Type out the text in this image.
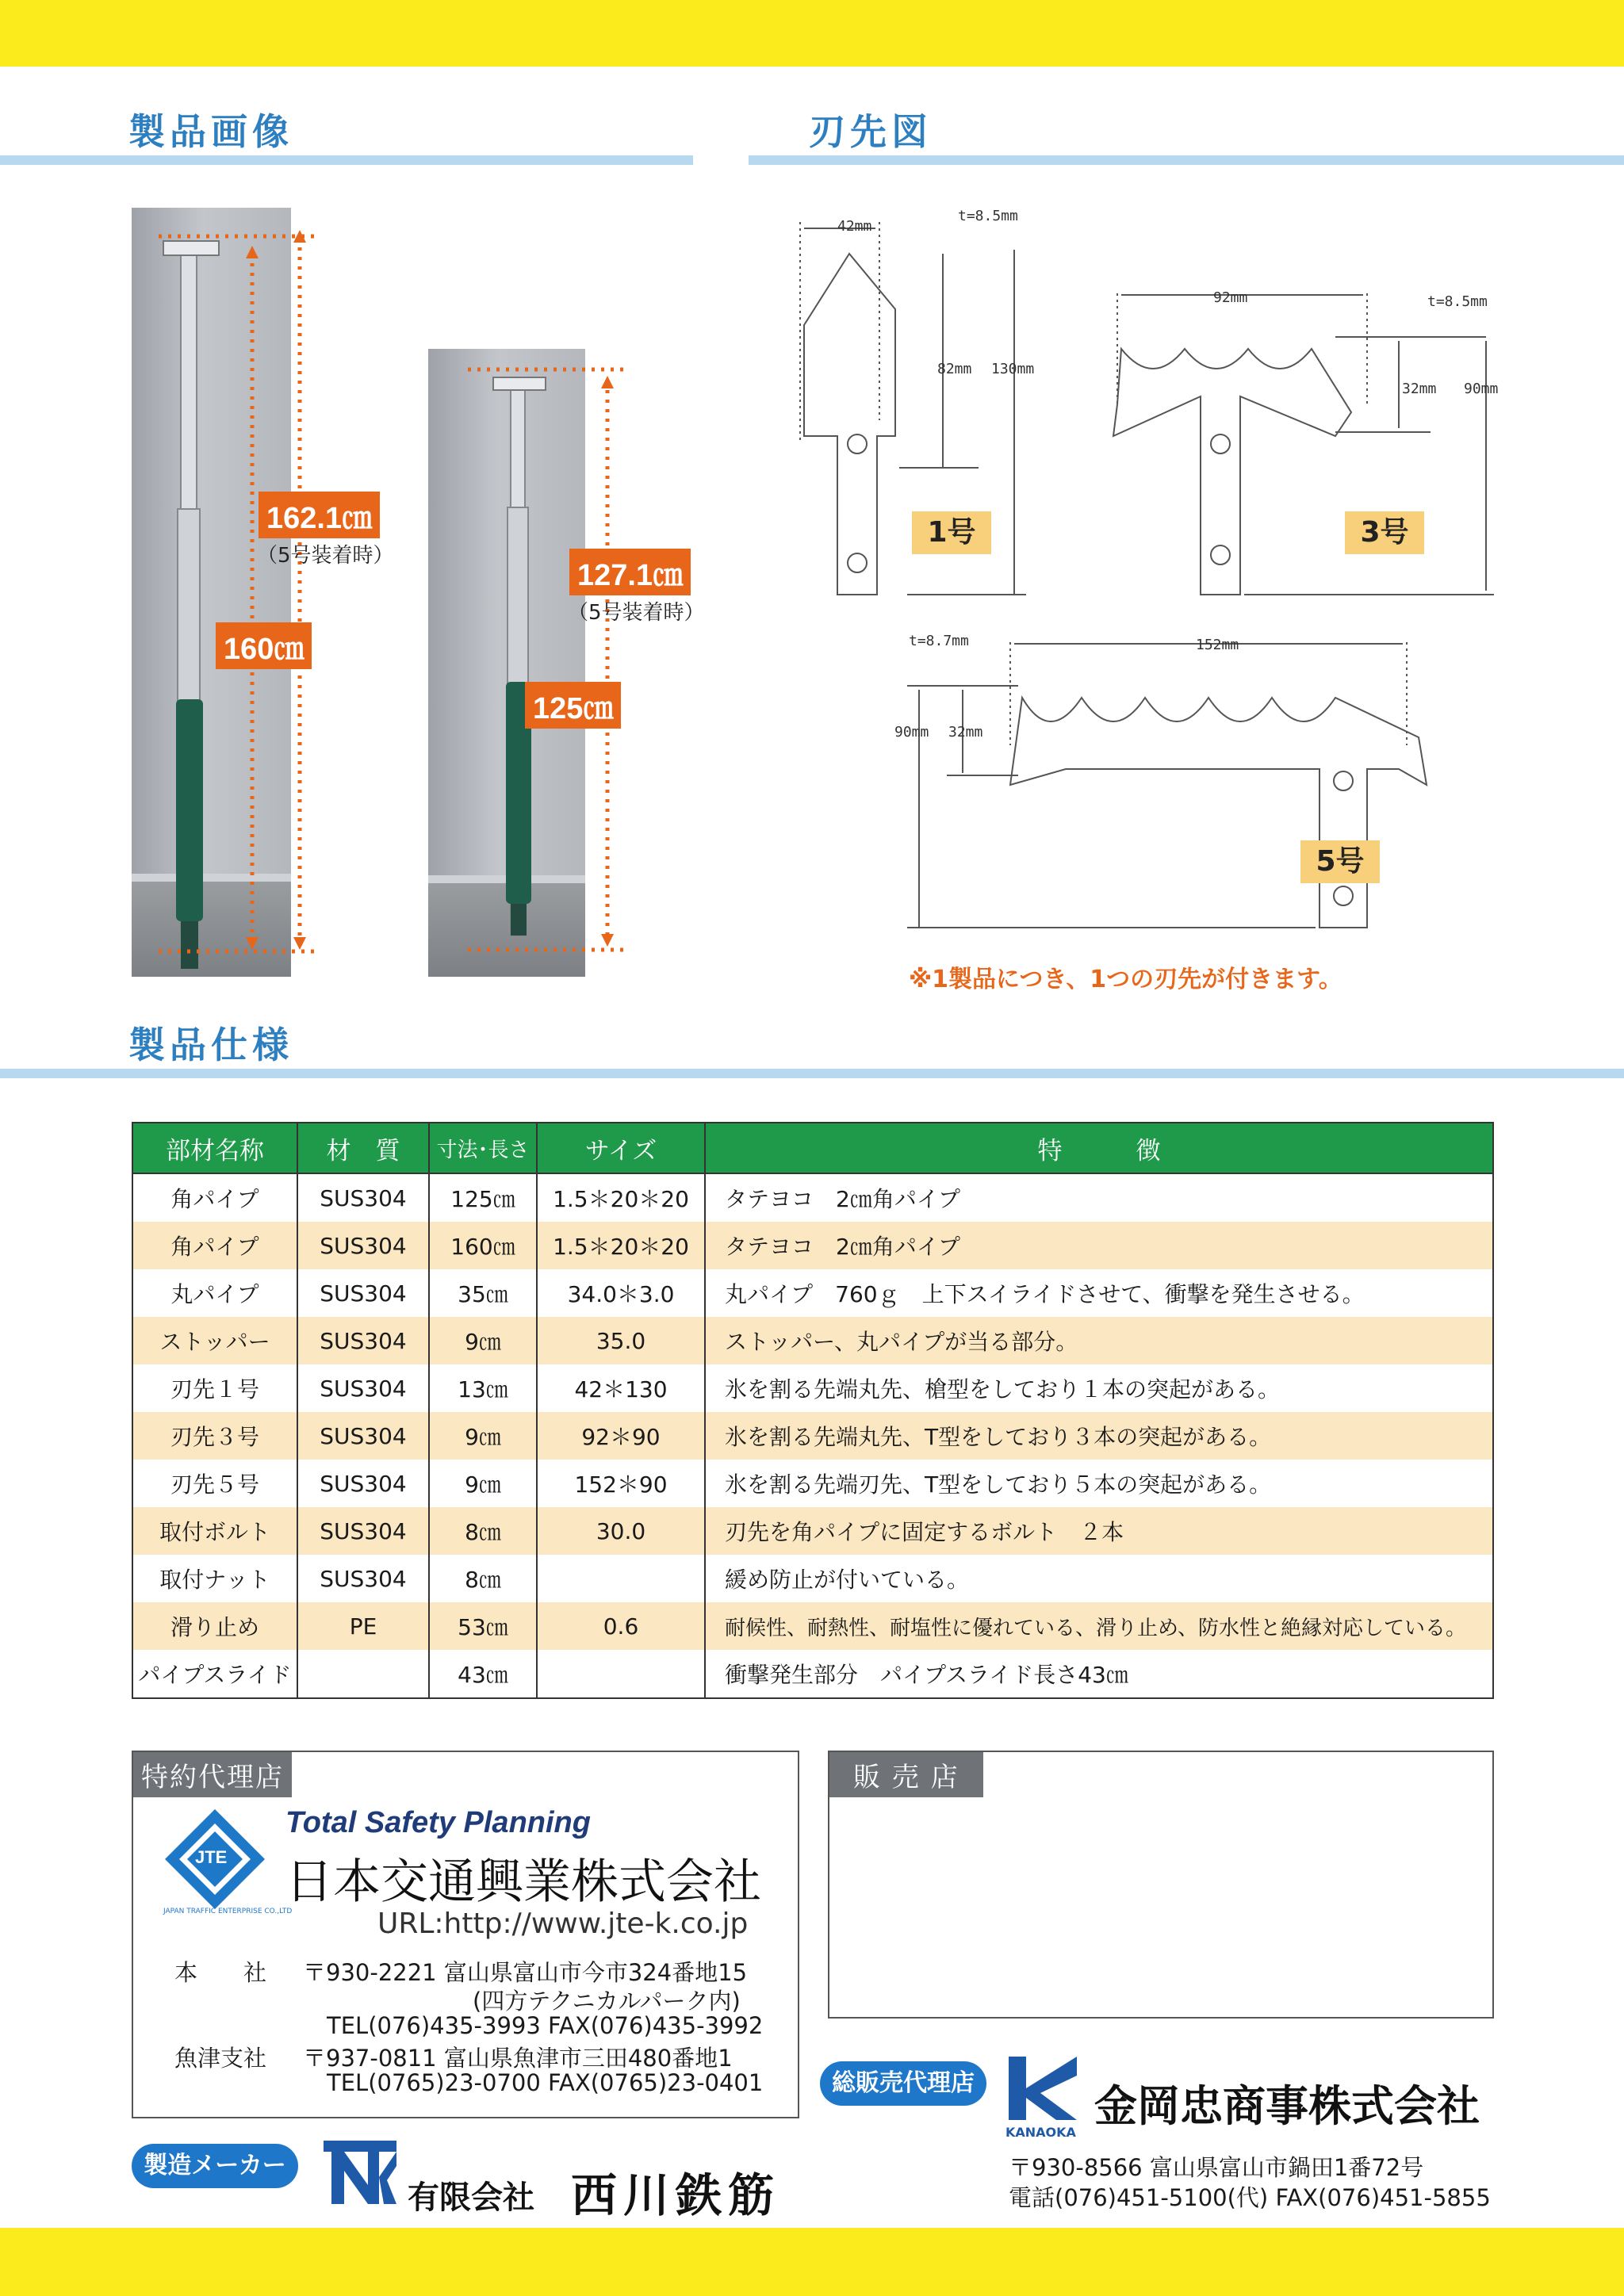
製品画像	刃先図
162.1㎝
（5号装着時）
160㎝
127.1㎝
（5号装着時）
125㎝
42mm
t=8.5mm
82mm 130mm
1号
92mm	t=8.5mm
32mm 90mm
3号
t=8.7mm	152mm
90mm 32mm
5号
※1製品につき、1つの刃先が付きます。
製品仕様
部材名称	材　質	寸法･長さ	サイズ	特　　　徴
角パイプ	SUS304	125㎝	1.5＊20＊20	タテヨコ　2㎝角パイプ
角パイプ	SUS304	160㎝	1.5＊20＊20	タテヨコ　2㎝角パイプ
丸パイプ	SUS304	35㎝	34.0＊3.0	丸パイプ　760ｇ　上下スイライドさせて、衝撃を発生させる。
ストッパー	SUS304	9㎝	35.0	ストッパー、丸パイプが当る部分。
刃先１号	SUS304	13㎝	42＊130	氷を割る先端丸先、槍型をしており１本の突起がある。
刃先３号	SUS304	9㎝	92＊90	氷を割る先端丸先、T型をしており３本の突起がある。
刃先５号	SUS304	9㎝	152＊90	氷を割る先端刃先、T型をしており５本の突起がある。
取付ボルト	SUS304	8㎝	30.0	刃先を角パイプに固定するボルト　２本
取付ナット	SUS304	8㎝		緩め防止が付いている。
滑り止め	PE	53㎝	0.6	耐候性、耐熱性、耐塩性に優れている、滑り止め、防水性と絶縁対応している。
パイプスライド		43㎝		衝撃発生部分　パイプスライド長さ43㎝
特約代理店
JTE
JAPAN TRAFFIC ENTERPRISE CO.,LTD
Total Safety Planning
日本交通興業株式会社
URL:http://www.jte-k.co.jp
本　　社 〒930-2221 富山県富山市今市324番地15
(四方テクニカルパーク内)
TEL(076)435-3993 FAX(076)435-3992
魚津支社 〒937-0811 富山県魚津市三田480番地1
TEL(0765)23-0700 FAX(0765)23-0401
販 売 店
総販売代理店
KANAOKA
金岡忠商事株式会社
〒930-8566 富山県富山市鍋田1番72号
電話(076)451-5100(代) FAX(076)451-5855
製造メーカー
有限会社 西川鉄筋
